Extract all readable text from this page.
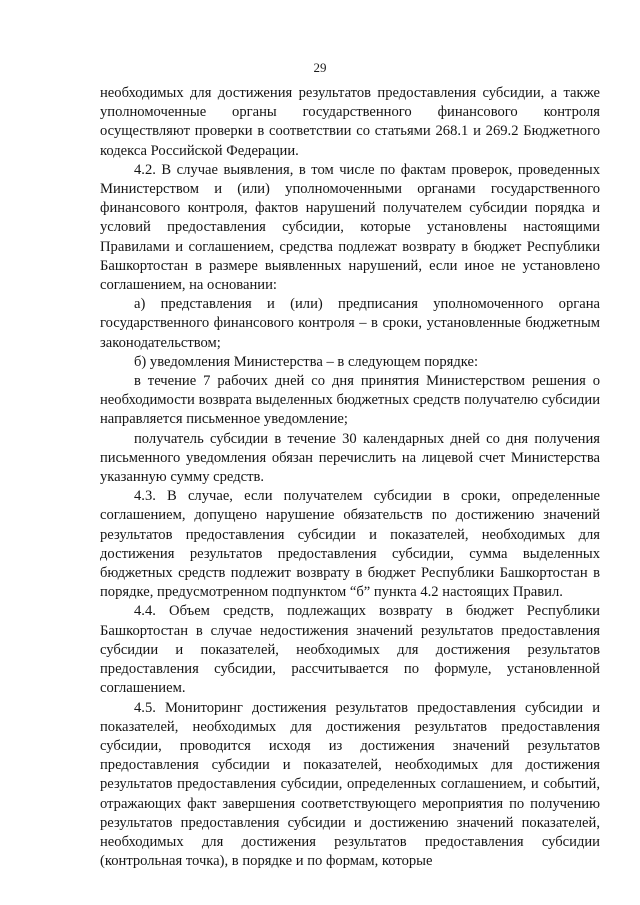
29

необходимых для достижения результатов предоставления субсидии, а также уполномоченные органы государственного финансового контроля осуществляют проверки в соответствии со статьями 268.1 и 269.2 Бюджетного кодекса Российской Федерации.

4.2. В случае выявления, в том числе по фактам проверок, проведенных Министерством и (или) уполномоченными органами государственного финансового контроля, фактов нарушений получателем субсидии порядка и условий предоставления субсидии, которые установлены настоящими Правилами и соглашением, средства подлежат возврату в бюджет Республики Башкортостан в размере выявленных нарушений, если иное не установлено соглашением, на основании:

а) представления и (или) предписания уполномоченного органа государственного финансового контроля – в сроки, установленные бюджетным законодательством;

б) уведомления Министерства – в следующем порядке:

в течение 7 рабочих дней со дня принятия Министерством решения о необходимости возврата выделенных бюджетных средств получателю субсидии направляется письменное уведомление;

получатель субсидии в течение 30 календарных дней со дня получения письменного уведомления обязан перечислить на лицевой счет Министерства указанную сумму средств.

4.3. В случае, если получателем субсидии в сроки, определенные соглашением, допущено нарушение обязательств по достижению значений результатов предоставления субсидии и показателей, необходимых для достижения результатов предоставления субсидии, сумма выделенных бюджетных средств подлежит возврату в бюджет Республики Башкортостан в порядке, предусмотренном подпунктом “б” пункта 4.2 настоящих Правил.

4.4. Объем средств, подлежащих возврату в бюджет Республики Башкортостан в случае недостижения значений результатов предоставления субсидии и показателей, необходимых для достижения результатов предоставления субсидии, рассчитывается по формуле, установленной соглашением.

4.5. Мониторинг достижения результатов предоставления субсидии и показателей, необходимых для достижения результатов предоставления субсидии, проводится исходя из достижения значений результатов предоставления субсидии и показателей, необходимых для достижения результатов предоставления субсидии, определенных соглашением, и событий, отражающих факт завершения соответствующего мероприятия по получению результатов предоставления субсидии и достижению значений показателей, необходимых для достижения результатов предоставления субсидии (контрольная точка), в порядке и по формам, которые
